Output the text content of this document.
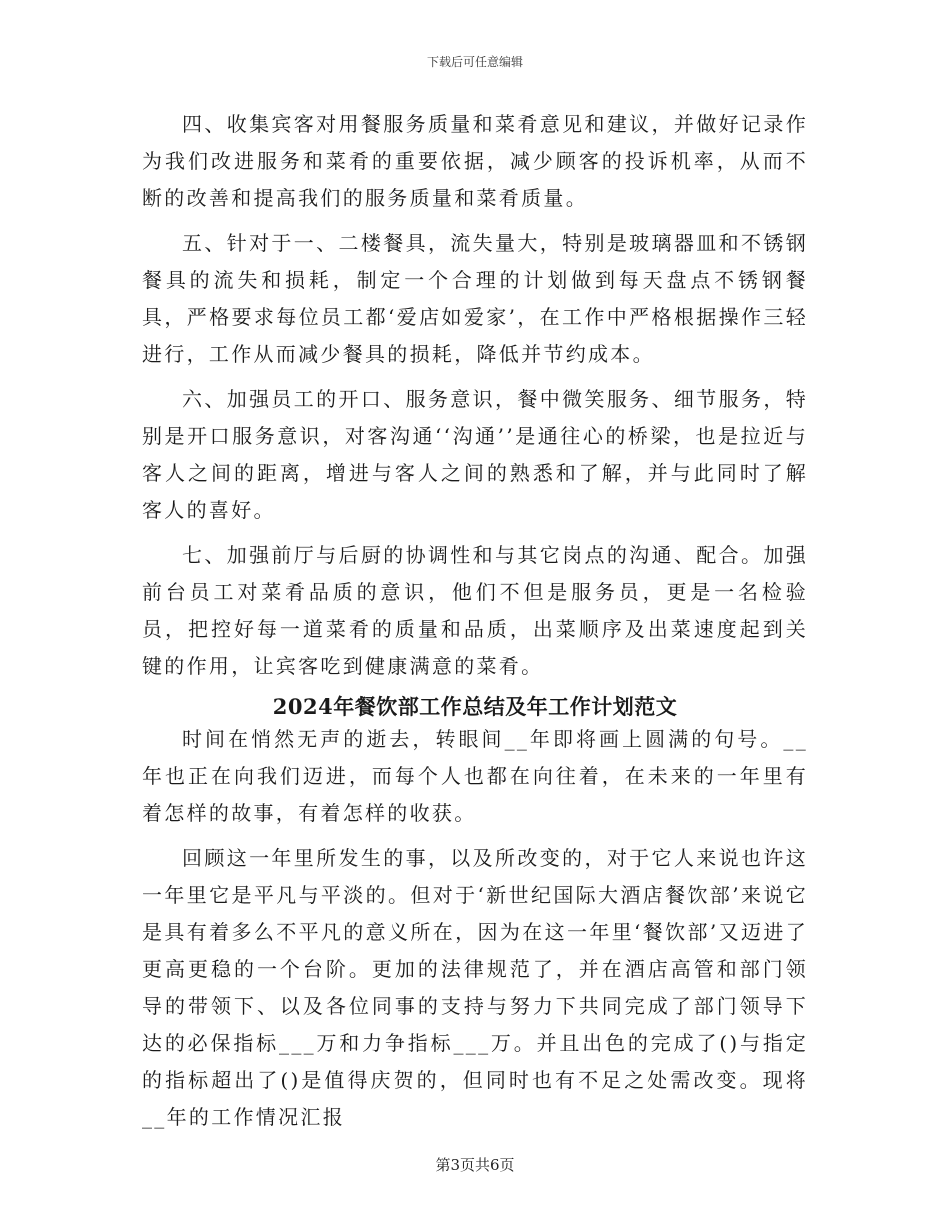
下载后可任意编辑

四、收集宾客对用餐服务质量和菜肴意见和建议，并做好记录作为我们改进服务和菜肴的重要依据，减少顾客的投诉机率，从而不断的改善和提高我们的服务质量和菜肴质量。

五、针对于一、二楼餐具，流失量大，特别是玻璃器皿和不锈钢餐具的流失和损耗，制定一个合理的计划做到每天盘点不锈钢餐具，严格要求每位员工都‘爱店如爱家’，在工作中严格根据操作三轻进行，工作从而减少餐具的损耗，降低并节约成本。

六、加强员工的开口、服务意识，餐中微笑服务、细节服务，特别是开口服务意识，对客沟通‘‘沟通’’是通往心的桥梁，也是拉近与客人之间的距离，增进与客人之间的熟悉和了解，并与此同时了解客人的喜好。

七、加强前厅与后厨的协调性和与其它岗点的沟通、配合。加强前台员工对菜肴品质的意识，他们不但是服务员，更是一名检验员，把控好每一道菜肴的质量和品质，出菜顺序及出菜速度起到关键的作用，让宾客吃到健康满意的菜肴。

2024年餐饮部工作总结及年工作计划范文

时间在悄然无声的逝去，转眼间__年即将画上圆满的句号。__年也正在向我们迈进，而每个人也都在向往着，在未来的一年里有着怎样的故事，有着怎样的收获。

回顾这一年里所发生的事，以及所改变的，对于它人来说也许这一年里它是平凡与平淡的。但对于‘新世纪国际大酒店餐饮部’来说它是具有着多么不平凡的意义所在，因为在这一年里‘餐饮部’又迈进了更高更稳的一个台阶。更加的法律规范了，并在酒店高管和部门领导的带领下、以及各位同事的支持与努力下共同完成了部门领导下达的必保指标___万和力争指标___万。并且出色的完成了()与指定的指标超出了()是值得庆贺的，但同时也有不足之处需改变。现将__年的工作情况汇报

第3页共6页
